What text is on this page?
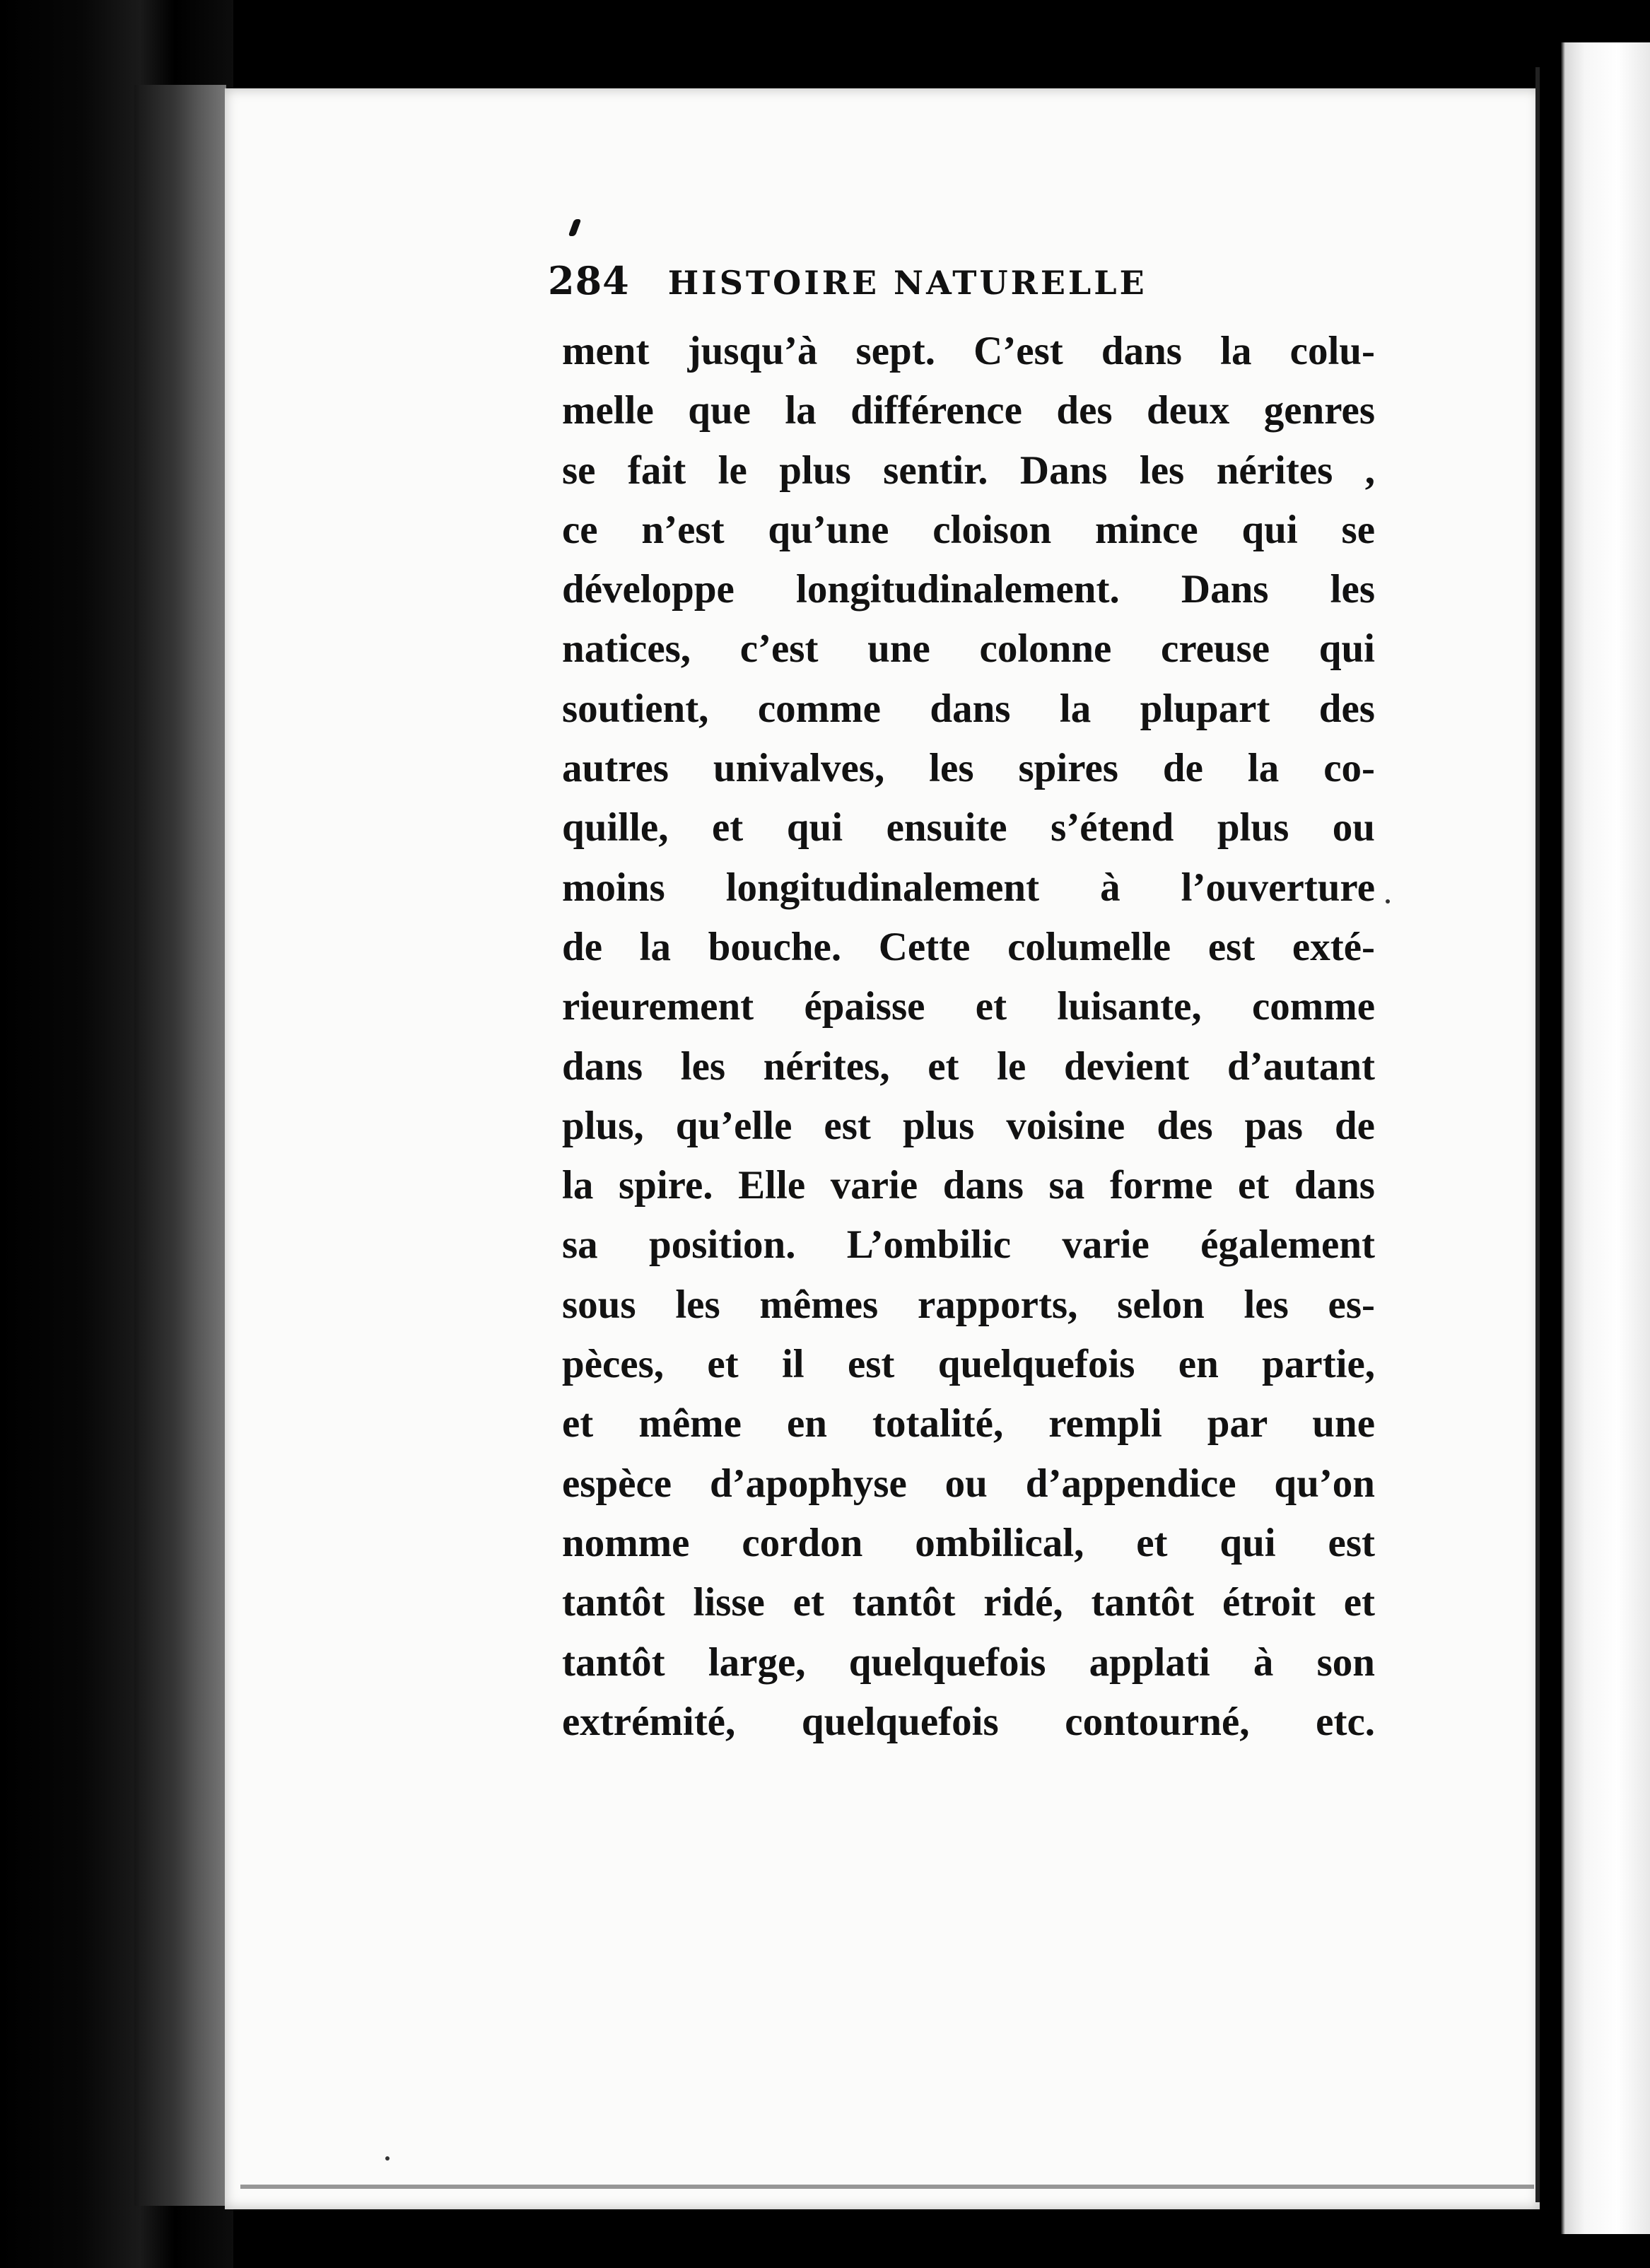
284 HISTOIRE NATURELLE
ment jusqu’à sept. C’est dans la colu-
melle que la différence des deux genres
se fait le plus sentir. Dans les nérites ,
ce n’est qu’une cloison mince qui se
développe longitudinalement. Dans les
natices, c’est une colonne creuse qui
soutient, comme dans la plupart des
autres univalves, les spires de la co-
quille, et qui ensuite s’étend plus ou
moins longitudinalement à l’ouverture
de la bouche. Cette columelle est exté-
rieurement épaisse et luisante, comme
dans les nérites, et le devient d’autant
plus, qu’elle est plus voisine des pas de
la spire. Elle varie dans sa forme et dans
sa position. L’ombilic varie également
sous les mêmes rapports, selon les es-
pèces, et il est quelquefois en partie,
et même en totalité, rempli par une
espèce d’apophyse ou d’appendice qu’on
nomme cordon ombilical, et qui est
tantôt lisse et tantôt ridé, tantôt étroit et
tantôt large, quelquefois applati à son
extrémité, quelquefois contourné, etc.
